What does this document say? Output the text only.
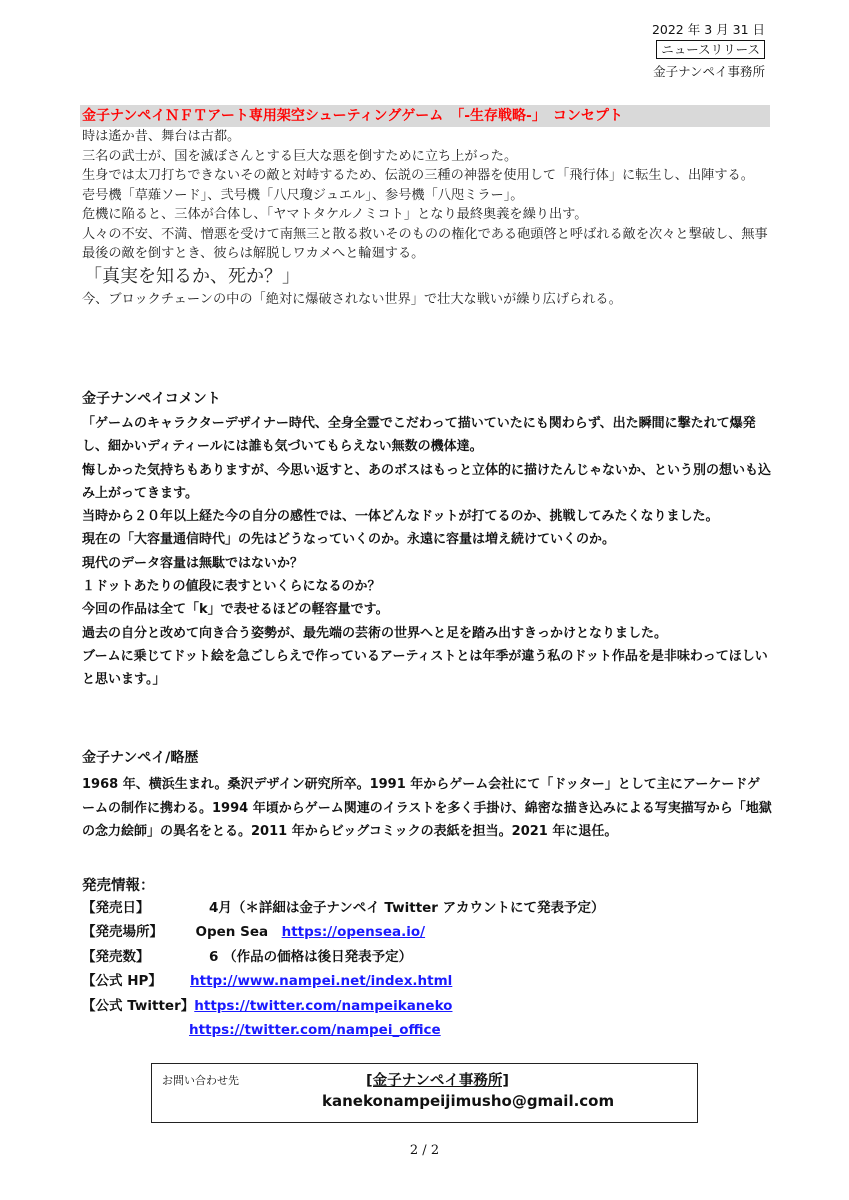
2022 年 3 月 31 日
ニュースリリース
金子ナンペイ事務所
金子ナンペイＮＦＴアート専用架空シューティングゲーム　「-生存戦略-」　コンセプト

時は遙か昔、舞台は古都。

三名の武士が、国を滅ぼさんとする巨大な悪を倒すために立ち上がった。

生身では太刀打ちできないその敵と対峙するため、伝説の三種の神器を使用して「飛行体」に転生し、出陣する。

壱号機「草薙ソード」、弐号機「八尺瓊ジュエル」、参号機「八咫ミラー」。

危機に陥ると、三体が合体し、「ヤマトタケルノミコト」となり最終奥義を繰り出す。

人々の不安、不満、憎悪を受けて南無三と散る救いそのものの権化である砲頭啓と呼ばれる敵を次々と撃破し、無事最後の敵を倒すとき、彼らは解脱しワカメへと輪廻する。

「真実を知るか、死か？」

今、ブロックチェーンの中の「絶対に爆破されない世界」で壮大な戦いが繰り広げられる。

金子ナンペイコメント

「ゲームのキャラクターデザイナー時代、全身全霊でこだわって描いていたにも関わらず、出た瞬間に撃たれて爆発し、細かいディティールには誰も気づいてもらえない無数の機体達。

悔しかった気持ちもありますが、今思い返すと、あのボスはもっと立体的に描けたんじゃないか、という別の想いも込み上がってきます。

当時から２０年以上経た今の自分の感性では、一体どんなドットが打てるのか、挑戦してみたくなりました。

現在の「大容量通信時代」の先はどうなっていくのか。永遠に容量は増え続けていくのか。

現代のデータ容量は無駄ではないか？

１ドットあたりの値段に表すといくらになるのか？

今回の作品は全て「k」で表せるほどの軽容量です。

過去の自分と改めて向き合う姿勢が、最先端の芸術の世界へと足を踏み出すきっかけとなりました。

ブームに乗じてドット絵を急ごしらえで作っているアーティストとは年季が違う私のドット作品を是非味わってほしいと思います。」

金子ナンペイ/略歴
1968 年、横浜生まれ。桑沢デザイン研究所卒。1991 年からゲーム会社にて「ドッター」として主にアーケードゲームの制作に携わる。1994 年頃からゲーム関連のイラストを多く手掛け、綿密な描き込みによる写実描写から「地獄の念力絵師」の異名をとる。2011 年からビッグコミックの表紙を担当。2021 年に退任。
発売情報：
【発売日】	　　4月（＊詳細は金子ナンペイ Twitter アカウントにて発表予定）
【発売場所】	　Open Sea　 https://opensea.io/
【発売数】	　　6 （作品の価格は後日発表予定）
【公式 HP】	http://www.nampei.net/index.html
【公式 Twitter】 https://twitter.com/nampeikaneko
https://twitter.com/nampei_office
お問い合わせ先	[金子ナンペイ事務所]
kanekonampeijimusho@gmail.com
2 / 2
